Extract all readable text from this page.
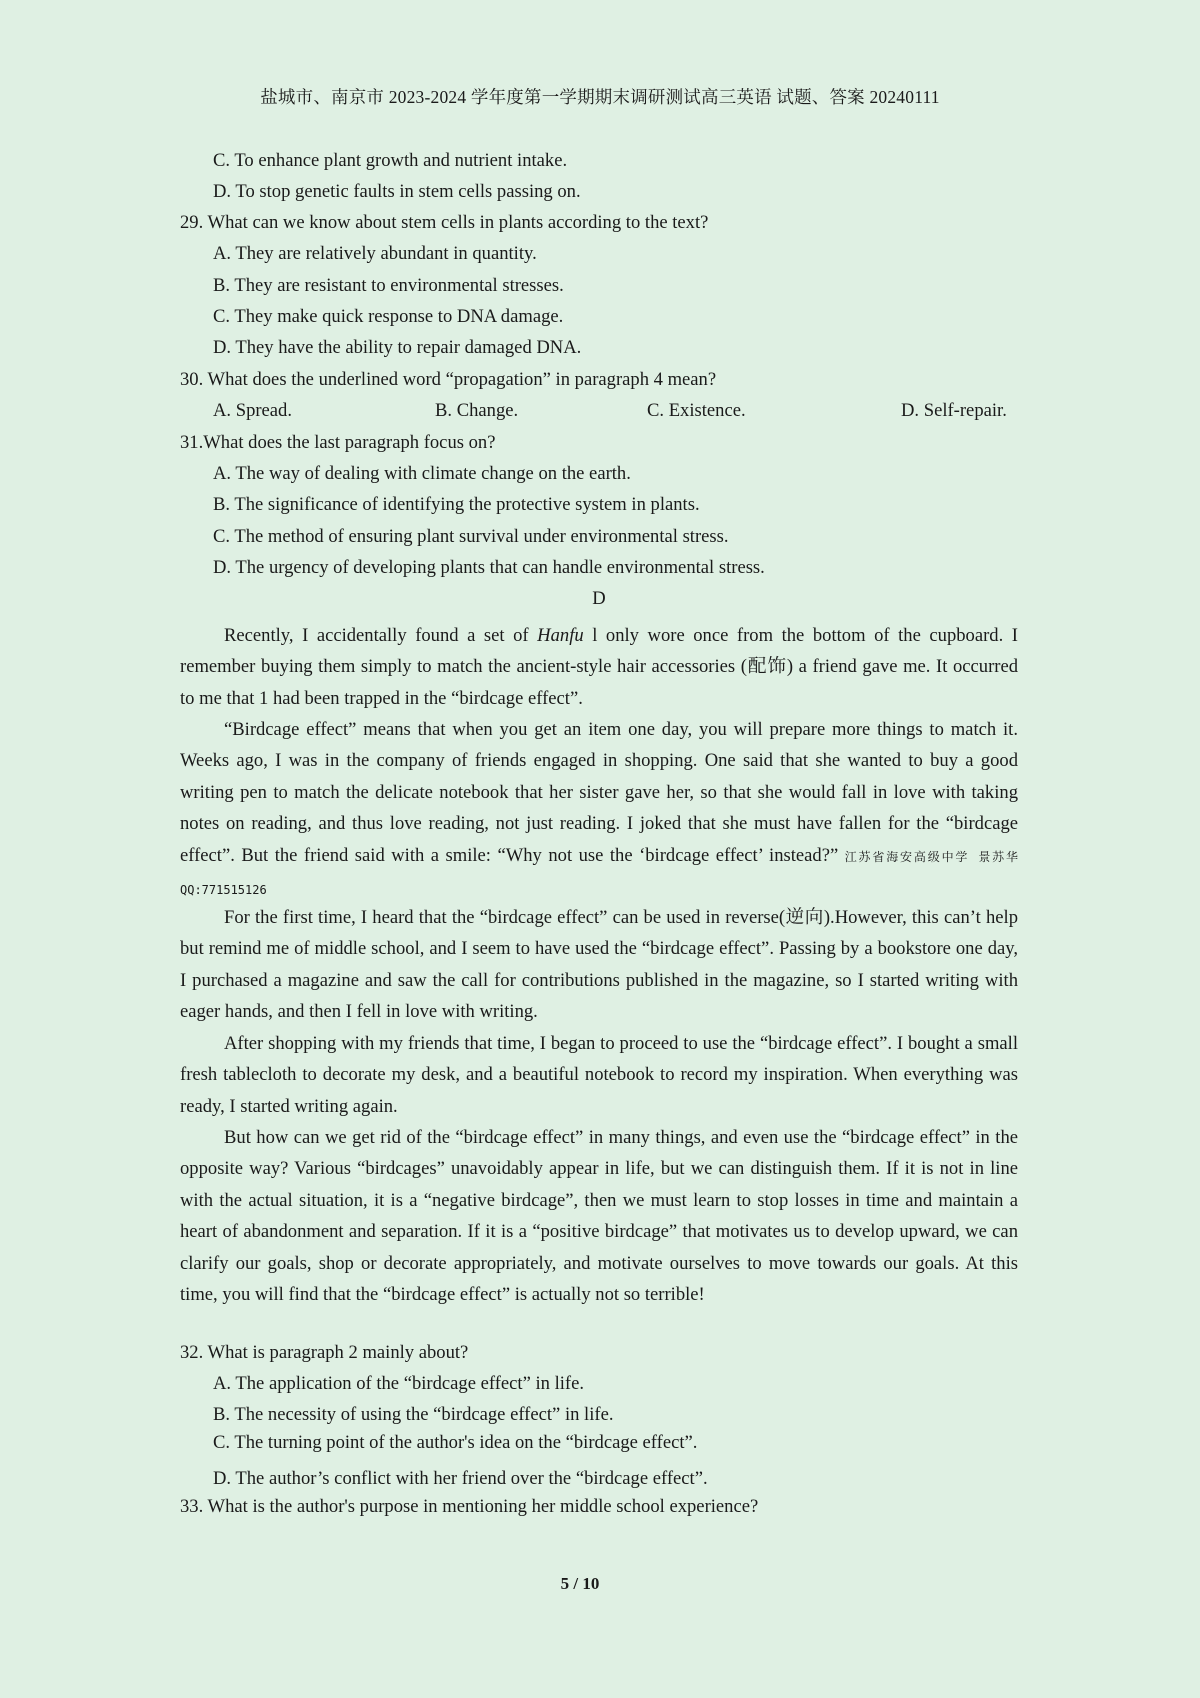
盐城市、南京市 2023-2024 学年度第一学期期末调研测试高三英语 试题、答案 20240111
C. To enhance plant growth and nutrient intake.
D. To stop genetic faults in stem cells passing on.
29. What can we know about stem cells in plants according to the text?
A. They are relatively abundant in quantity.
B. They are resistant to environmental stresses.
C. They make quick response to DNA damage.
D. They have the ability to repair damaged DNA.
30. What does the underlined word “propagation” in paragraph 4 mean?
A. Spread.	B. Change.	C. Existence.	D. Self-repair.
31.What does the last paragraph focus on?
A. The way of dealing with climate change on the earth.
B. The significance of identifying the protective system in plants.
C. The method of ensuring plant survival under environmental stress.
D. The urgency of developing plants that can handle environmental stress.
D
Recently, I accidentally found a set of Hanfu l only wore once from the bottom of the cupboard. I remember buying them simply to match the ancient-style hair accessories (配饰) a friend gave me. It occurred to me that 1 had been trapped in the “birdcage effect”.
“Birdcage effect” means that when you get an item one day, you will prepare more things to match it. Weeks ago, I was in the company of friends engaged in shopping. One said that she wanted to buy a good writing pen to match the delicate notebook that her sister gave her, so that she would fall in love with taking notes on reading, and thus love reading, not just reading. I joked that she must have fallen for the “birdcage effect”. But the friend said with a smile: “Why not use the ‘birdcage effect’ instead?” 江苏省海安高级中学 景苏华 QQ:771515126
For the first time, I heard that the “birdcage effect” can be used in reverse(逆向).However, this can’t help but remind me of middle school, and I seem to have used the “birdcage effect”. Passing by a bookstore one day, I purchased a magazine and saw the call for contributions published in the magazine, so I started writing with eager hands, and then I fell in love with writing.
After shopping with my friends that time, I began to proceed to use the “birdcage effect”. I bought a small fresh tablecloth to decorate my desk, and a beautiful notebook to record my inspiration. When everything was ready, I started writing again.
But how can we get rid of the “birdcage effect” in many things, and even use the “birdcage effect” in the opposite way? Various “birdcages” unavoidably appear in life, but we can distinguish them. If it is not in line with the actual situation, it is a “negative birdcage”, then we must learn to stop losses in time and maintain a heart of abandonment and separation. If it is a “positive birdcage” that motivates us to develop upward, we can clarify our goals, shop or decorate appropriately, and motivate ourselves to move towards our goals. At this time, you will find that the “birdcage effect” is actually not so terrible!
32. What is paragraph 2 mainly about?
A. The application of the “birdcage effect” in life.
B. The necessity of using the “birdcage effect” in life.
C. The turning point of the author's idea on the “birdcage effect”.
D. The author’s conflict with her friend over the “birdcage effect”.
33. What is the author's purpose in mentioning her middle school experience?
5 / 10
